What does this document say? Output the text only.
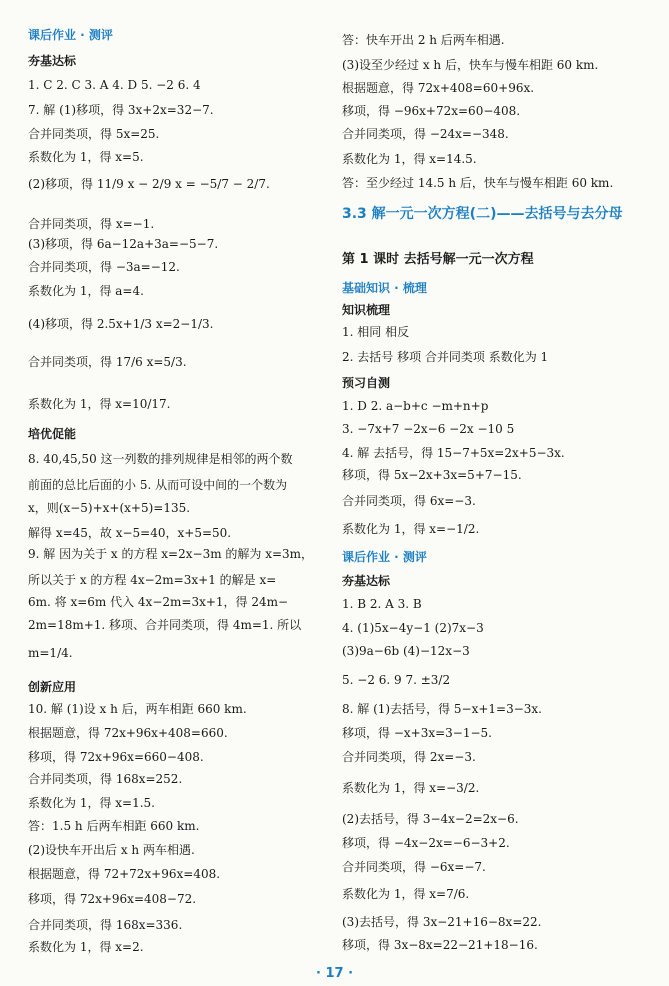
课后作业 · 测评
夯基达标
1. C 2. C 3. A 4. D 5. −2 6. 4
7. 解 (1)移项，得 3x+2x=32−7.
合并同类项，得 5x=25.
系数化为 1，得 x=5.
(2)移项，得 11/9 x − 2/9 x = −5/7 − 2/7.
合并同类项，得 x=−1.
(3)移项，得 6a−12a+3a=−5−7.
合并同类项，得 −3a=−12.
系数化为 1，得 a=4.
(4)移项，得 2.5x+1/3 x=2−1/3.
合并同类项，得 17/6 x=5/3.
系数化为 1，得 x=10/17.
培优促能
8. 40,45,50 这一列数的排列规律是相邻的两个数
前面的总比后面的小 5. 从而可设中间的一个数为
x，则(x−5)+x+(x+5)=135.
解得 x=45，故 x−5=40，x+5=50.
9. 解 因为关于 x 的方程 x=2x−3m 的解为 x=3m，
所以关于 x 的方程 4x−2m=3x+1 的解是 x=
6m. 将 x=6m 代入 4x−2m=3x+1，得 24m−
2m=18m+1. 移项、合并同类项，得 4m=1. 所以
m=1/4.
创新应用
10. 解 (1)设 x h 后，两车相距 660 km.
根据题意，得 72x+96x+408=660.
移项，得 72x+96x=660−408.
合并同类项，得 168x=252.
系数化为 1，得 x=1.5.
答：1.5 h 后两车相距 660 km.
(2)设快车开出后 x h 两车相遇.
根据题意，得 72+72x+96x=408.
移项，得 72x+96x=408−72.
合并同类项，得 168x=336.
系数化为 1，得 x=2.
答：快车开出 2 h 后两车相遇.
(3)设至少经过 x h 后，快车与慢车相距 60 km.
根据题意，得 72x+408=60+96x.
移项，得 −96x+72x=60−408.
合并同类项，得 −24x=−348.
系数化为 1，得 x=14.5.
答：至少经过 14.5 h 后，快车与慢车相距 60 km.
3.3 解一元一次方程(二)——去括号与去分母
第 1 课时 去括号解一元一次方程
基础知识 · 梳理
知识梳理
1. 相同 相反
2. 去括号 移项 合并同类项 系数化为 1
预习自测
1. D 2. a−b+c −m+n+p
3. −7x+7 −2x−6 −2x −10 5
4. 解 去括号，得 15−7+5x=2x+5−3x.
移项，得 5x−2x+3x=5+7−15.
合并同类项，得 6x=−3.
系数化为 1，得 x=−1/2.
课后作业 · 测评
夯基达标
1. B 2. A 3. B
4. (1)5x−4y−1 (2)7x−3
(3)9a−6b (4)−12x−3
5. −2 6. 9 7. ±3/2
8. 解 (1)去括号，得 5−x+1=3−3x.
移项，得 −x+3x=3−1−5.
合并同类项，得 2x=−3.
系数化为 1，得 x=−3/2.
(2)去括号，得 3−4x−2=2x−6.
移项，得 −4x−2x=−6−3+2.
合并同类项，得 −6x=−7.
系数化为 1，得 x=7/6.
(3)去括号，得 3x−21+16−8x=22.
移项，得 3x−8x=22−21+18−16.
· 17 ·
